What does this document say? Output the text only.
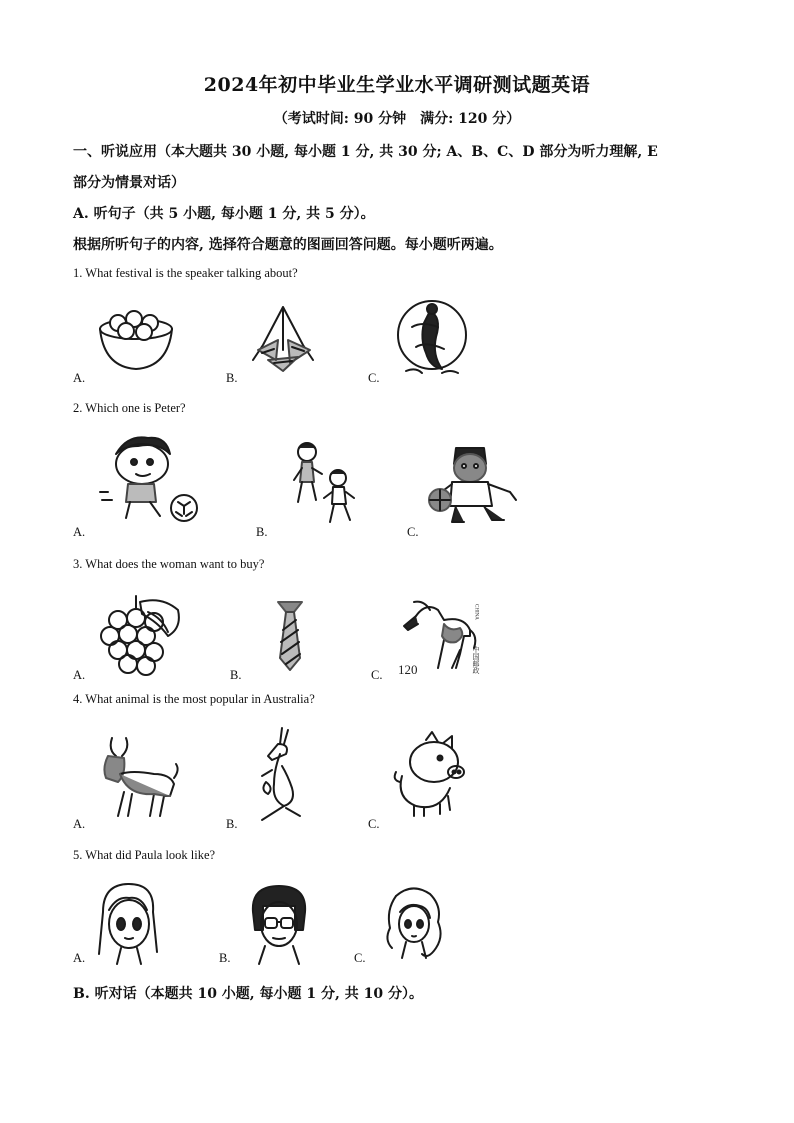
2024年初中毕业生学业水平调研测试题英语
（考试时间: 90 分钟　满分: 120 分）
一、听说应用（本大题共 30 小题, 每小题 1 分, 共 30 分; A、B、C、D 部分为听力理解, E
部分为情景对话）
A. 听句子（共 5 小题, 每小题 1 分, 共 5 分）。
根据所听句子的内容, 选择符合题意的图画回答问题。每小题听两遍。
1. What festival is the speaker talking about?
A.	B.	C.
2. Which one is Peter?
A.	B.	C.
3. What does the woman want to buy?
A.	B.	C. 120
CHINA
中国邮政
4. What animal is the most popular in Australia?
A.	B.	C.
5. What did Paula look like?
A.	B.	C.
B. 听对话（本题共 10 小题, 每小题 1 分, 共 10 分）。
